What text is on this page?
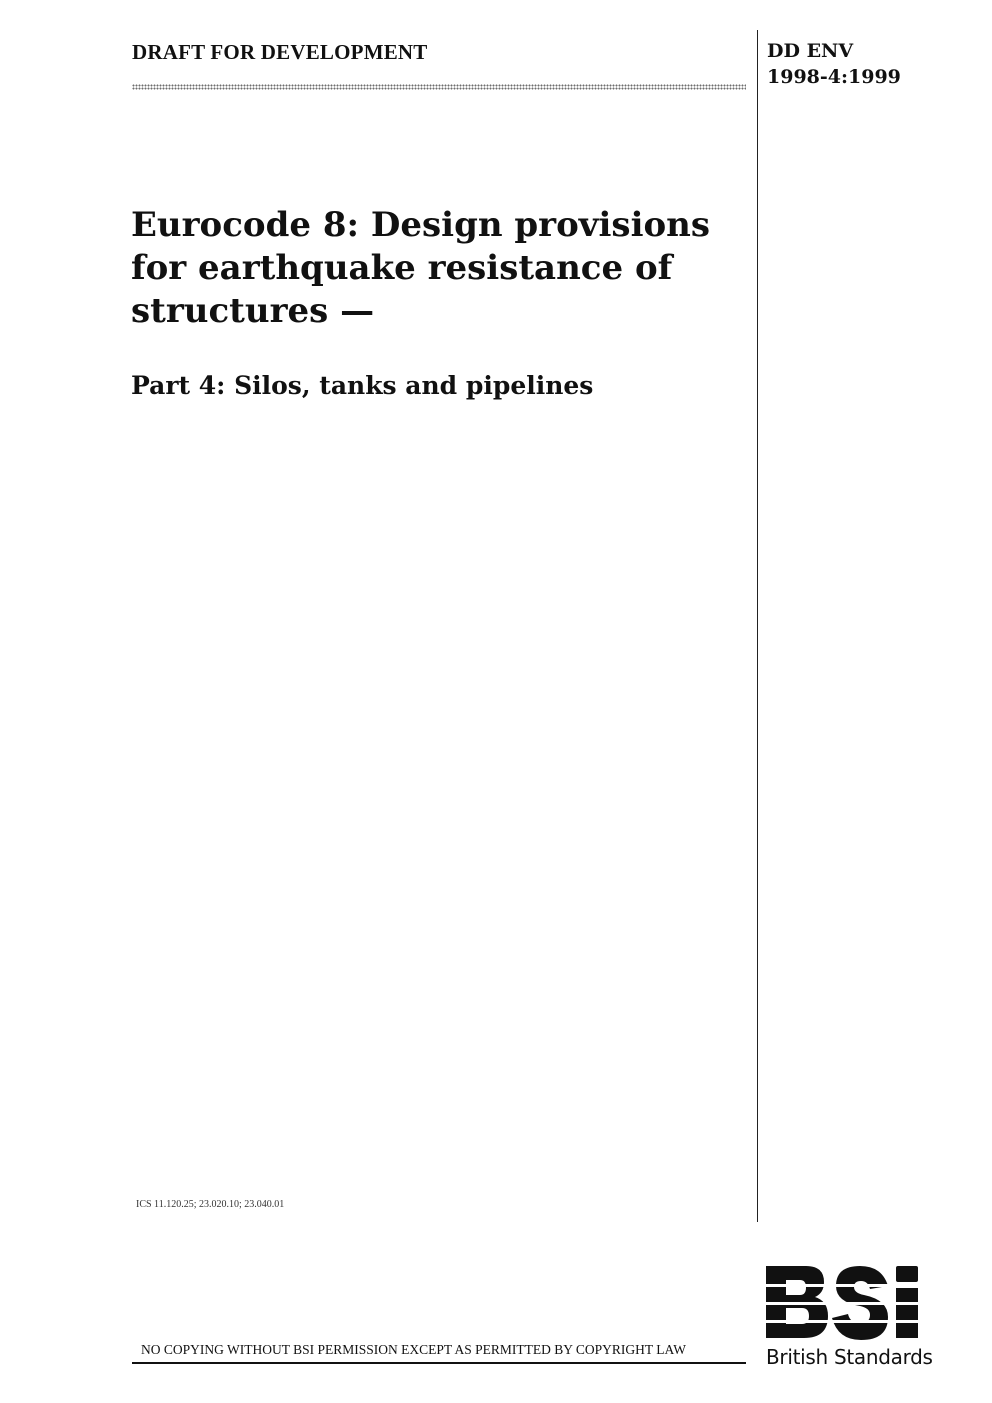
DRAFT FOR DEVELOPMENT	DD ENV
1998-4:1999
Eurocode 8: Design provisions
for earthquake resistance of
structures —
Part 4: Silos, tanks and pipelines
ICS 11.120.25; 23.020.10; 23.040.01
NO COPYING WITHOUT BSI PERMISSION EXCEPT AS PERMITTED BY COPYRIGHT LAW	British Standards
